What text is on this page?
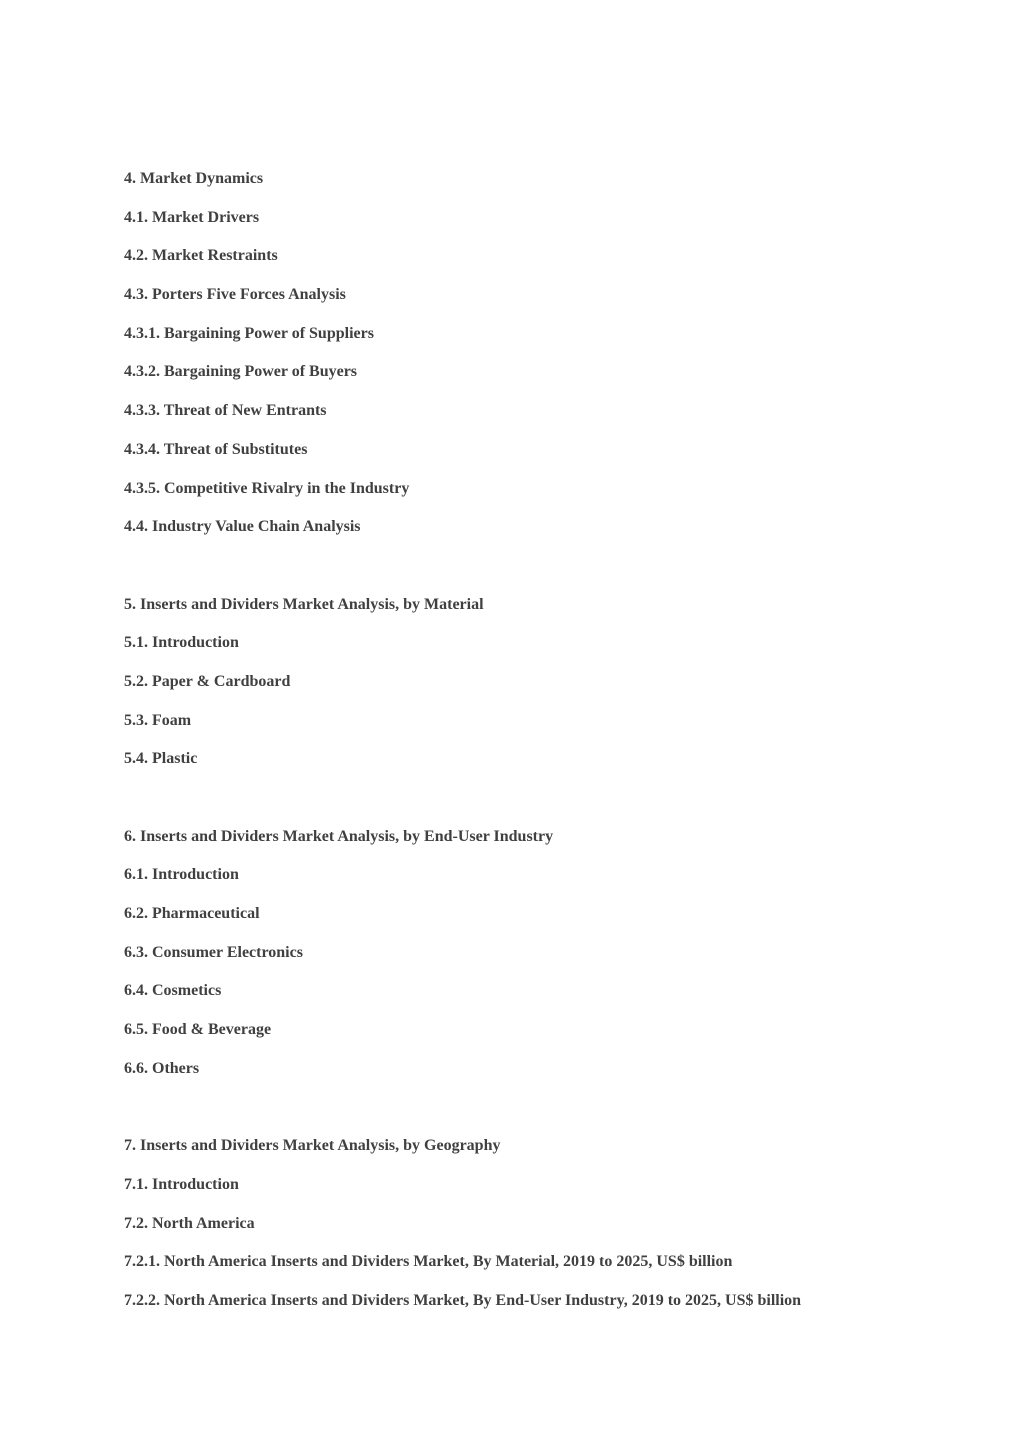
4. Market Dynamics
4.1. Market Drivers
4.2. Market Restraints
4.3. Porters Five Forces Analysis
4.3.1. Bargaining Power of Suppliers
4.3.2. Bargaining Power of Buyers
4.3.3. Threat of New Entrants
4.3.4. Threat of Substitutes
4.3.5. Competitive Rivalry in the Industry
4.4. Industry Value Chain Analysis
5. Inserts and Dividers Market Analysis, by Material
5.1. Introduction
5.2. Paper & Cardboard
5.3. Foam
5.4. Plastic
6. Inserts and Dividers Market Analysis, by End-User Industry
6.1. Introduction
6.2. Pharmaceutical
6.3. Consumer Electronics
6.4. Cosmetics
6.5. Food & Beverage
6.6. Others
7. Inserts and Dividers Market Analysis, by Geography
7.1. Introduction
7.2. North America
7.2.1. North America Inserts and Dividers Market, By Material, 2019 to 2025, US$ billion
7.2.2. North America Inserts and Dividers Market, By End-User Industry, 2019 to 2025, US$ billion
